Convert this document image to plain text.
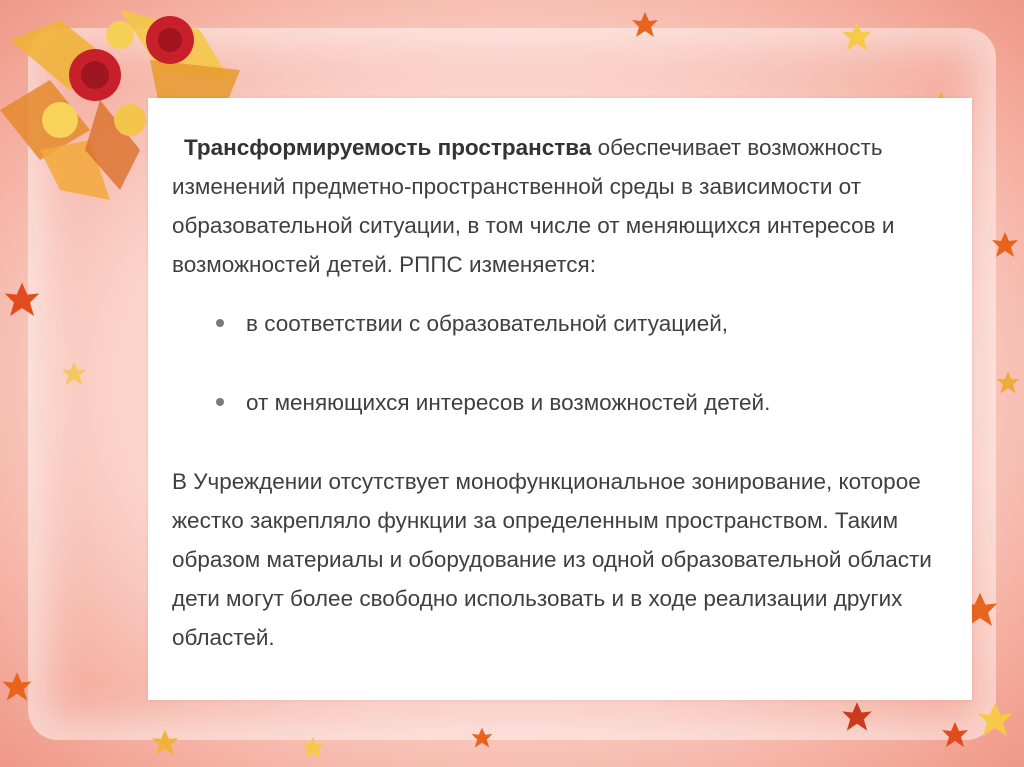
Трансформируемость пространства обеспечивает возможность изменений предметно-пространственной среды в зависимости от образовательной ситуации, в том числе от меняющихся интересов и возможностей детей. РППС изменяется:
в соответствии с образовательной ситуацией,
от меняющихся интересов и возможностей детей.
В Учреждении отсутствует монофункциональное зонирование, которое жестко закрепляло функции за определенным пространством. Таким образом материалы и оборудование из одной образовательной области дети могут более свободно использовать и в ходе реализации других областей.
